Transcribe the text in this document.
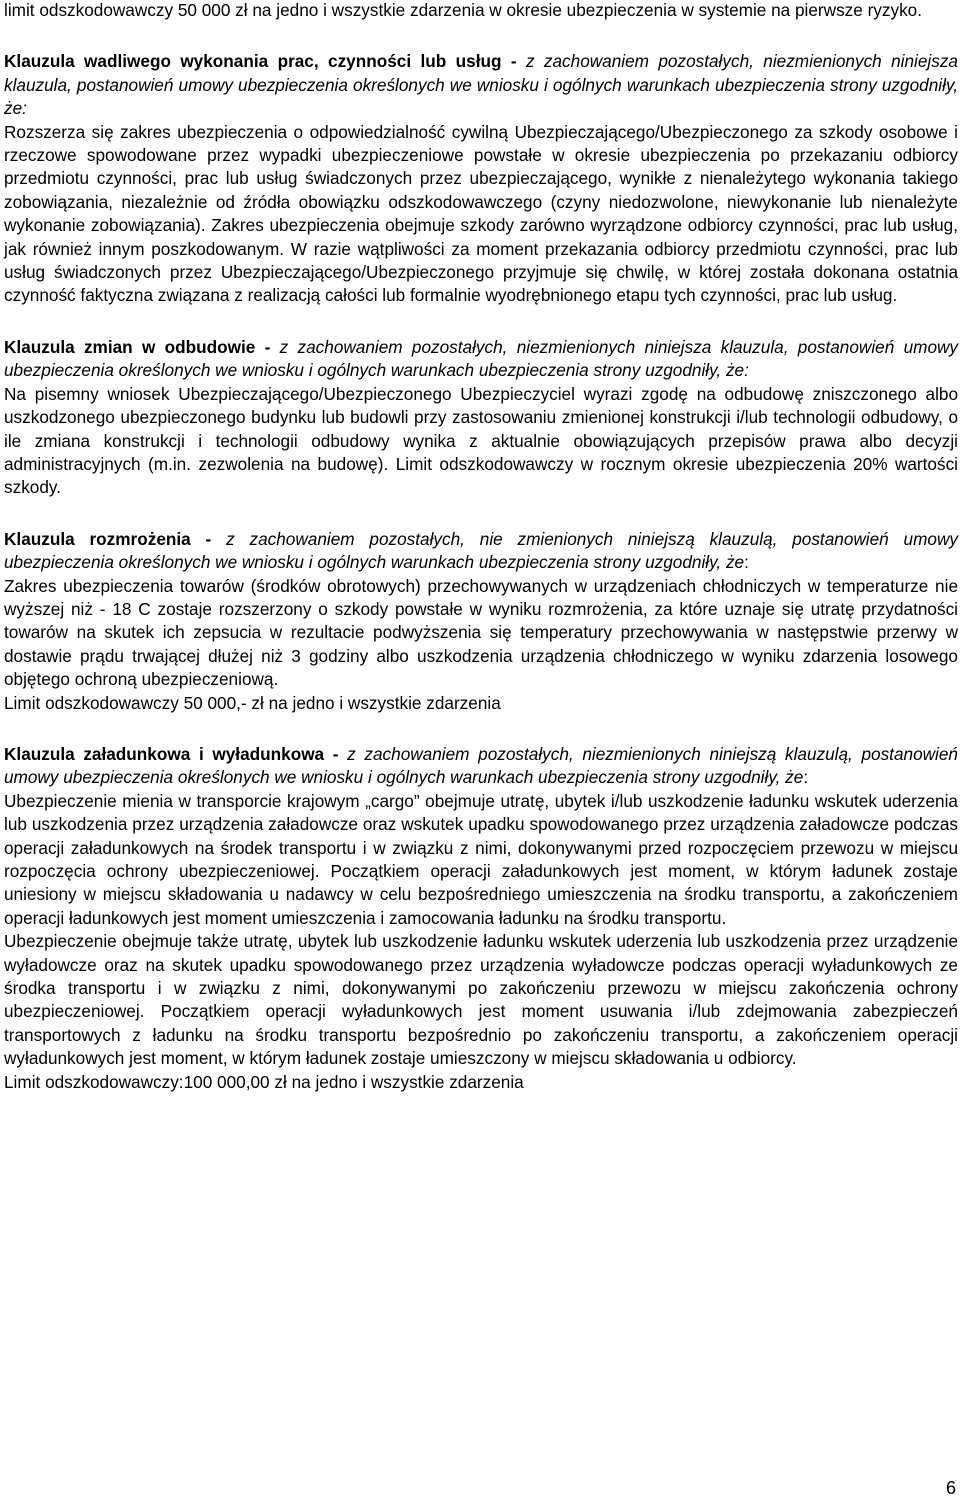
limit odszkodowawczy 50 000 zł na jedno i wszystkie zdarzenia w okresie ubezpieczenia w systemie na pierwsze ryzyko.

Klauzula wadliwego wykonania prac, czynności lub usług - z zachowaniem pozostałych, niezmienionych niniejsza klauzula, postanowień umowy ubezpieczenia określonych we wniosku i ogólnych warunkach ubezpieczenia strony uzgodniły, że:

Rozszerza się zakres ubezpieczenia o odpowiedzialność cywilną Ubezpieczającego/Ubezpieczonego za szkody osobowe i rzeczowe spowodowane przez wypadki ubezpieczeniowe powstałe w okresie ubezpieczenia po przekazaniu odbiorcy przedmiotu czynności, prac lub usług świadczonych przez ubezpieczającego, wynikłe z nienależytego wykonania takiego zobowiązania, niezależnie od źródła obowiązku odszkodowawczego (czyny niedozwolone, niewykonanie lub nienależyte wykonanie zobowiązania). Zakres ubezpieczenia obejmuje szkody zarówno wyrządzone odbiorcy czynności, prac lub usług, jak również innym poszkodowanym. W razie wątpliwości za moment przekazania odbiorcy przedmiotu czynności, prac lub usług świadczonych przez Ubezpieczającego/Ubezpieczonego przyjmuje się chwilę, w której została dokonana ostatnia czynność faktyczna związana z realizacją całości lub formalnie wyodrębnionego etapu tych czynności, prac lub usług.

Klauzula zmian w odbudowie - z zachowaniem pozostałych, niezmienionych niniejsza klauzula, postanowień umowy ubezpieczenia określonych we wniosku i ogólnych warunkach ubezpieczenia strony uzgodniły, że:

Na pisemny wniosek Ubezpieczającego/Ubezpieczonego Ubezpieczyciel wyrazi zgodę na odbudowę zniszczonego albo uszkodzonego ubezpieczonego budynku lub budowli przy zastosowaniu zmienionej konstrukcji i/lub technologii odbudowy, o ile zmiana konstrukcji i technologii odbudowy wynika z aktualnie obowiązujących przepisów prawa albo decyzji administracyjnych (m.in. zezwolenia na budowę). Limit odszkodowawczy w rocznym okresie ubezpieczenia 20% wartości szkody.

Klauzula rozmrożenia - z zachowaniem pozostałych, nie zmienionych niniejszą klauzulą, postanowień umowy ubezpieczenia określonych we wniosku i ogólnych warunkach ubezpieczenia strony uzgodniły, że:

Zakres ubezpieczenia towarów (środków obrotowych) przechowywanych w urządzeniach chłodniczych w temperaturze nie wyższej niż - 18 C zostaje rozszerzony o szkody powstałe w wyniku rozmrożenia, za które uznaje się utratę przydatności towarów na skutek ich zepsucia w rezultacie podwyższenia się temperatury przechowywania w następstwie przerwy w dostawie prądu trwającej dłużej niż 3 godziny albo uszkodzenia urządzenia chłodniczego w wyniku zdarzenia losowego objętego ochroną ubezpieczeniową.

Limit odszkodowawczy 50 000,- zł na jedno i wszystkie zdarzenia

Klauzula załadunkowa i wyładunkowa - z zachowaniem pozostałych, niezmienionych niniejszą klauzulą, postanowień umowy ubezpieczenia określonych we wniosku i ogólnych warunkach ubezpieczenia strony uzgodniły, że:

Ubezpieczenie mienia w transporcie krajowym „cargo” obejmuje utratę, ubytek i/lub uszkodzenie ładunku wskutek uderzenia lub uszkodzenia przez urządzenia załadowcze oraz wskutek upadku spowodowanego przez urządzenia załadowcze podczas operacji załadunkowych na środek transportu i w związku z nimi, dokonywanymi przed rozpoczęciem przewozu w miejscu rozpoczęcia ochrony ubezpieczeniowej. Początkiem operacji załadunkowych jest moment, w którym ładunek zostaje uniesiony w miejscu składowania u nadawcy w celu bezpośredniego umieszczenia na środku transportu, a zakończeniem operacji ładunkowych jest moment umieszczenia i zamocowania ładunku na środku transportu.

Ubezpieczenie obejmuje także utratę, ubytek lub uszkodzenie ładunku wskutek uderzenia lub uszkodzenia przez urządzenie wyładowcze oraz na skutek upadku spowodowanego przez urządzenia wyładowcze podczas operacji wyładunkowych ze środka transportu i w związku z nimi, dokonywanymi po zakończeniu przewozu w miejscu zakończenia ochrony ubezpieczeniowej. Początkiem operacji wyładunkowych jest moment usuwania i/lub zdejmowania zabezpieczeń transportowych z ładunku na środku transportu bezpośrednio po zakończeniu transportu, a zakończeniem operacji wyładunkowych jest moment, w którym ładunek zostaje umieszczony w miejscu składowania u odbiorcy.

Limit odszkodowawczy:100 000,00 zł na jedno i wszystkie zdarzenia

6
